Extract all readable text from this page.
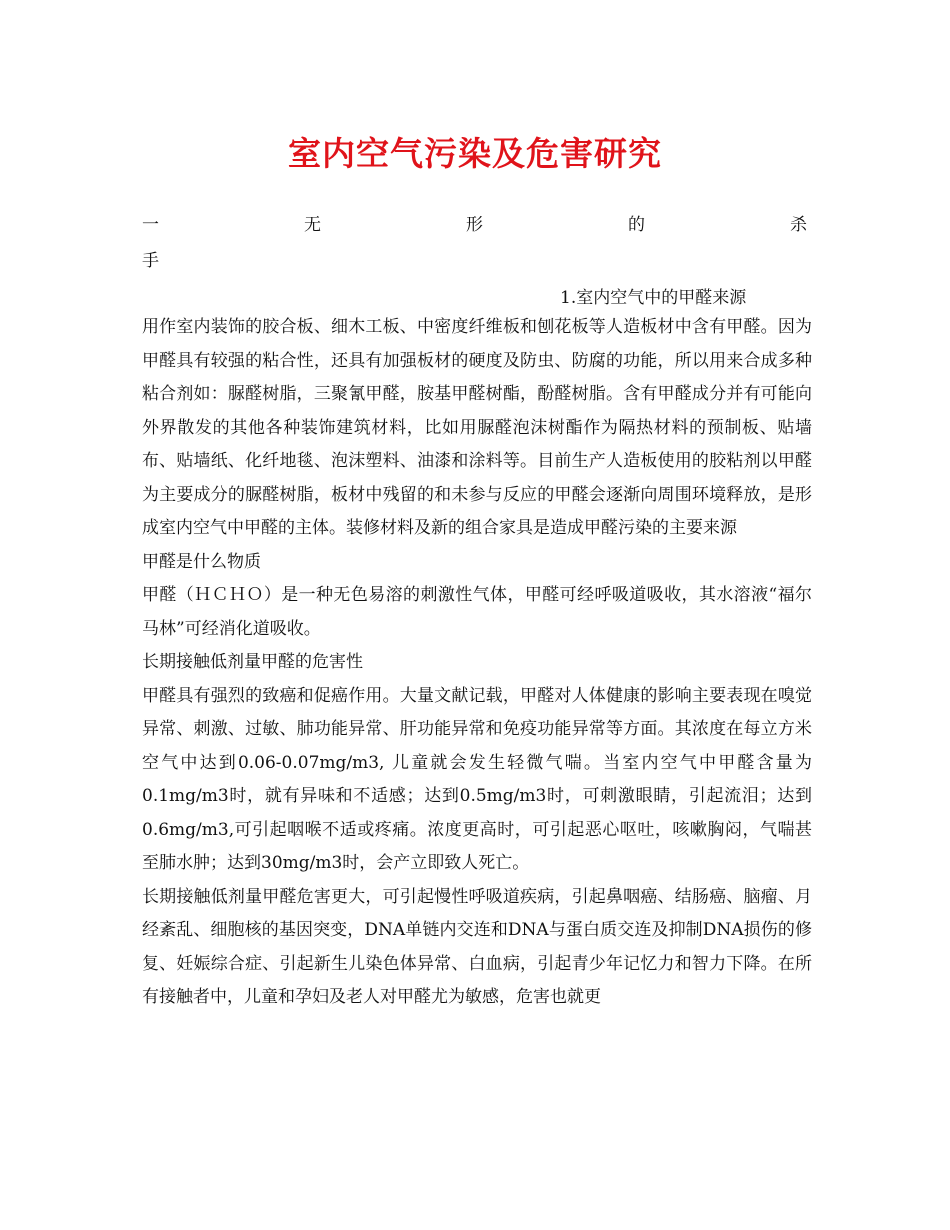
室内空气污染及危害研究
一	无	形	的	杀
手
1.室内空气中的甲醛来源

用作室内装饰的胶合板、细木工板、中密度纤维板和刨花板等人造板材中含有甲醛。因为甲醛具有较强的粘合性，还具有加强板材的硬度及防虫、防腐的功能，所以用来合成多种粘合剂如：脲醛树脂，三聚氰甲醛，胺基甲醛树酯，酚醛树脂。含有甲醛成分并有可能向外界散发的其他各种装饰建筑材料，比如用脲醛泡沫树酯作为隔热材料的预制板、贴墙布、贴墙纸、化纤地毯、泡沫塑料、油漆和涂料等。目前生产人造板使用的胶粘剂以甲醛为主要成分的脲醛树脂，板材中残留的和未参与反应的甲醛会逐渐向周围环境释放，是形成室内空气中甲醛的主体。装修材料及新的组合家具是造成甲醛污染的主要来源

甲醛是什么物质

甲醛（ＨＣＨＯ）是一种无色易溶的刺激性气体，甲醛可经呼吸道吸收，其水溶液“福尔马林”可经消化道吸收。

长期接触低剂量甲醛的危害性

甲醛具有强烈的致癌和促癌作用。大量文献记载，甲醛对人体健康的影响主要表现在嗅觉异常、刺激、过敏、肺功能异常、肝功能异常和免疫功能异常等方面。其浓度在每立方米空气中达到0.06-0.07mg/m3, 儿童就会发生轻微气喘。当室内空气中甲醛含量为0.1mg/m3时，就有异味和不适感；达到0.5mg/m3时，可刺激眼睛，引起流泪；达到0.6mg/m3,可引起咽喉不适或疼痛。浓度更高时，可引起恶心呕吐，咳嗽胸闷，气喘甚至肺水肿；达到30mg/m3时，会产立即致人死亡。

长期接触低剂量甲醛危害更大，可引起慢性呼吸道疾病，引起鼻咽癌、结肠癌、脑瘤、月经紊乱、细胞核的基因突变，DNA单链内交连和DNA与蛋白质交连及抑制DNA损伤的修复、妊娠综合症、引起新生儿染色体异常、白血病，引起青少年记忆力和智力下降。在所有接触者中，儿童和孕妇及老人对甲醛尤为敏感，危害也就更
